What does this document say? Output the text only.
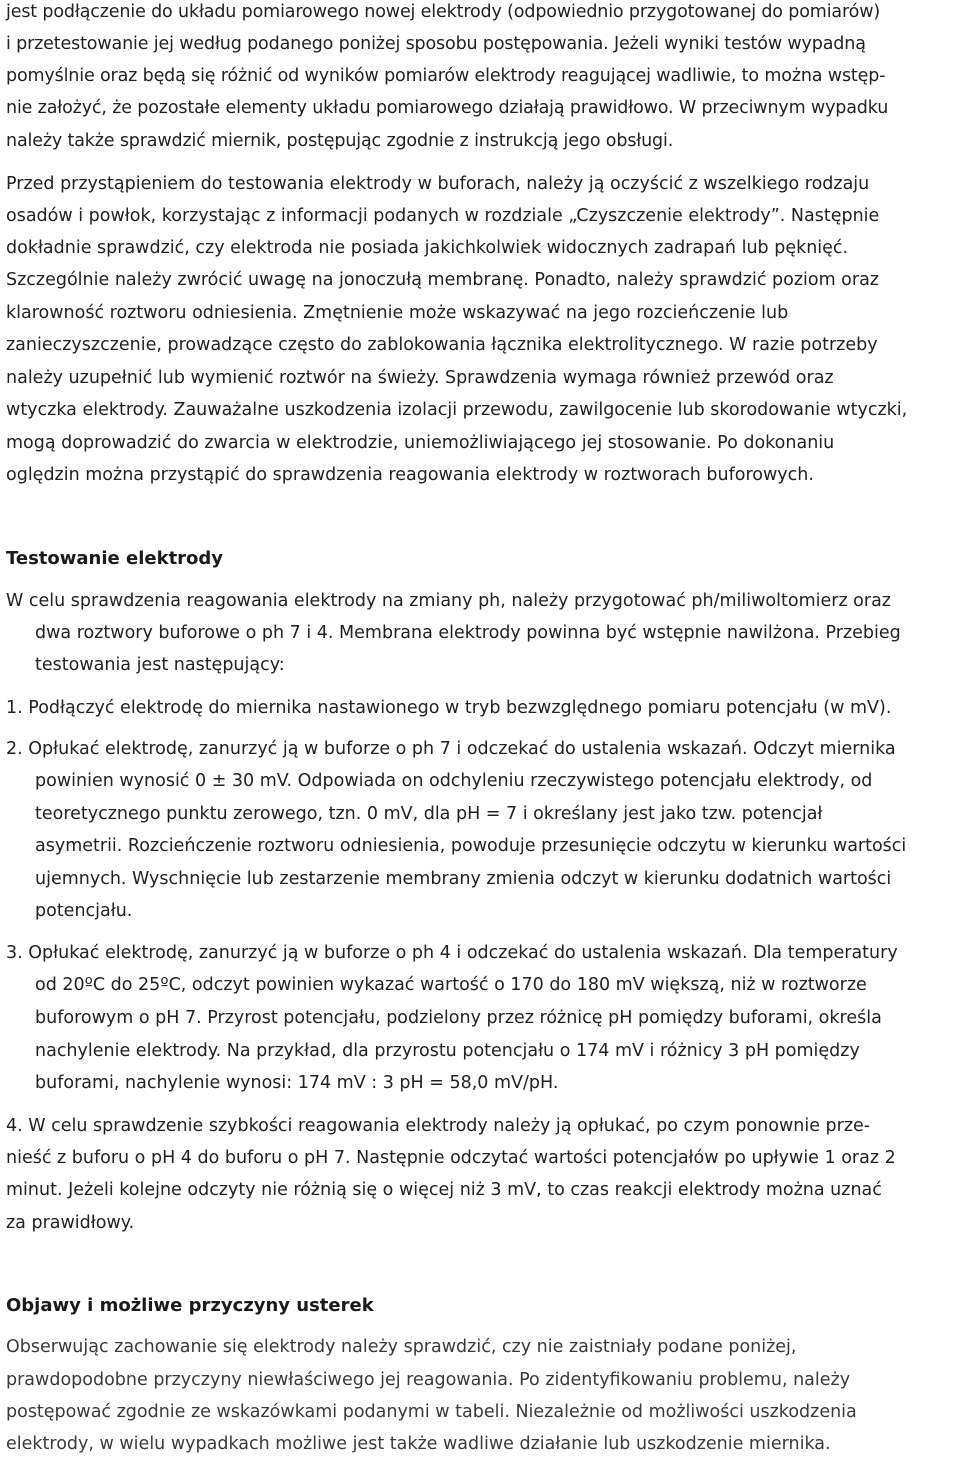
jest podłączenie do układu pomiarowego nowej elektrody (odpowiednio przygotowanej do pomiarów)
i przetestowanie jej według podanego poniżej sposobu postępowania. Jeżeli wyniki testów wypadną
pomyślnie oraz będą się różnić od wyników pomiarów elektrody reagującej wadliwie, to można wstęp-
nie założyć, że pozostałe elementy układu pomiarowego działają prawidłowo. W przeciwnym wypadku
należy także sprawdzić miernik, postępując zgodnie z instrukcją jego obsługi.
Przed przystąpieniem do testowania elektrody w buforach, należy ją oczyścić z wszelkiego rodzaju
osadów i powłok, korzystając z informacji podanych w rozdziale „Czyszczenie elektrody”. Następnie
dokładnie sprawdzić, czy elektroda nie posiada jakichkolwiek widocznych zadrapań lub pęknięć.
Szczególnie należy zwrócić uwagę na jonoczułą membranę. Ponadto, należy sprawdzić poziom oraz
klarowność roztworu odniesienia. Zmętnienie może wskazywać na jego rozcieńczenie lub
zanieczyszczenie, prowadzące często do zablokowania łącznika elektrolitycznego. W razie potrzeby
należy uzupełnić lub wymienić roztwór na świeży. Sprawdzenia wymaga również przewód oraz
wtyczka elektrody. Zauważalne uszkodzenia izolacji przewodu, zawilgocenie lub skorodowanie wtyczki,
mogą doprowadzić do zwarcia w elektrodzie, uniemożliwiającego jej stosowanie. Po dokonaniu
oględzin można przystąpić do sprawdzenia reagowania elektrody w roztworach buforowych.
Testowanie elektrody
W celu sprawdzenia reagowania elektrody na zmiany ph, należy przygotować ph/miliwoltomierz oraz
dwa roztwory buforowe o ph 7 i 4. Membrana elektrody powinna być wstępnie nawilżona. Przebieg
testowania jest następujący:
1. Podłączyć elektrodę do miernika nastawionego w tryb bezwzględnego pomiaru potencjału (w mV).
2. Opłukać elektrodę, zanurzyć ją w buforze o ph 7 i odczekać do ustalenia wskazań. Odczyt miernika
powinien wynosić 0 ± 30 mV. Odpowiada on odchyleniu rzeczywistego potencjału elektrody, od
teoretycznego punktu zerowego, tzn. 0 mV, dla pH = 7 i określany jest jako tzw. potencjał
asymetrii. Rozcieńczenie roztworu odniesienia, powoduje przesunięcie odczytu w kierunku wartości
ujemnych. Wyschnięcie lub zestarzenie membrany zmienia odczyt w kierunku dodatnich wartości
potencjału.
3. Opłukać elektrodę, zanurzyć ją w buforze o ph 4 i odczekać do ustalenia wskazań. Dla temperatury
od 20ºC do 25ºC, odczyt powinien wykazać wartość o 170 do 180 mV większą, niż w roztworze
buforowym o pH 7. Przyrost potencjału, podzielony przez różnicę pH pomiędzy buforami, określa
nachylenie elektrody. Na przykład, dla przyrostu potencjału o 174 mV i różnicy 3 pH pomiędzy
buforami, nachylenie wynosi: 174 mV : 3 pH = 58,0 mV/pH.
4. W celu sprawdzenie szybkości reagowania elektrody należy ją opłukać, po czym ponownie prze-
nieść z buforu o pH 4 do buforu o pH 7. Następnie odczytać wartości potencjałów po upływie 1 oraz 2
minut. Jeżeli kolejne odczyty nie różnią się o więcej niż 3 mV, to czas reakcji elektrody można uznać
za prawidłowy.
Objawy i możliwe przyczyny usterek
Obserwując zachowanie się elektrody należy sprawdzić, czy nie zaistniały podane poniżej,
prawdopodobne przyczyny niewłaściwego jej reagowania. Po zidentyfikowaniu problemu, należy
postępować zgodnie ze wskazówkami podanymi w tabeli. Niezależnie od możliwości uszkodzenia
elektrody, w wielu wypadkach możliwe jest także wadliwe działanie lub uszkodzenie miernika.
